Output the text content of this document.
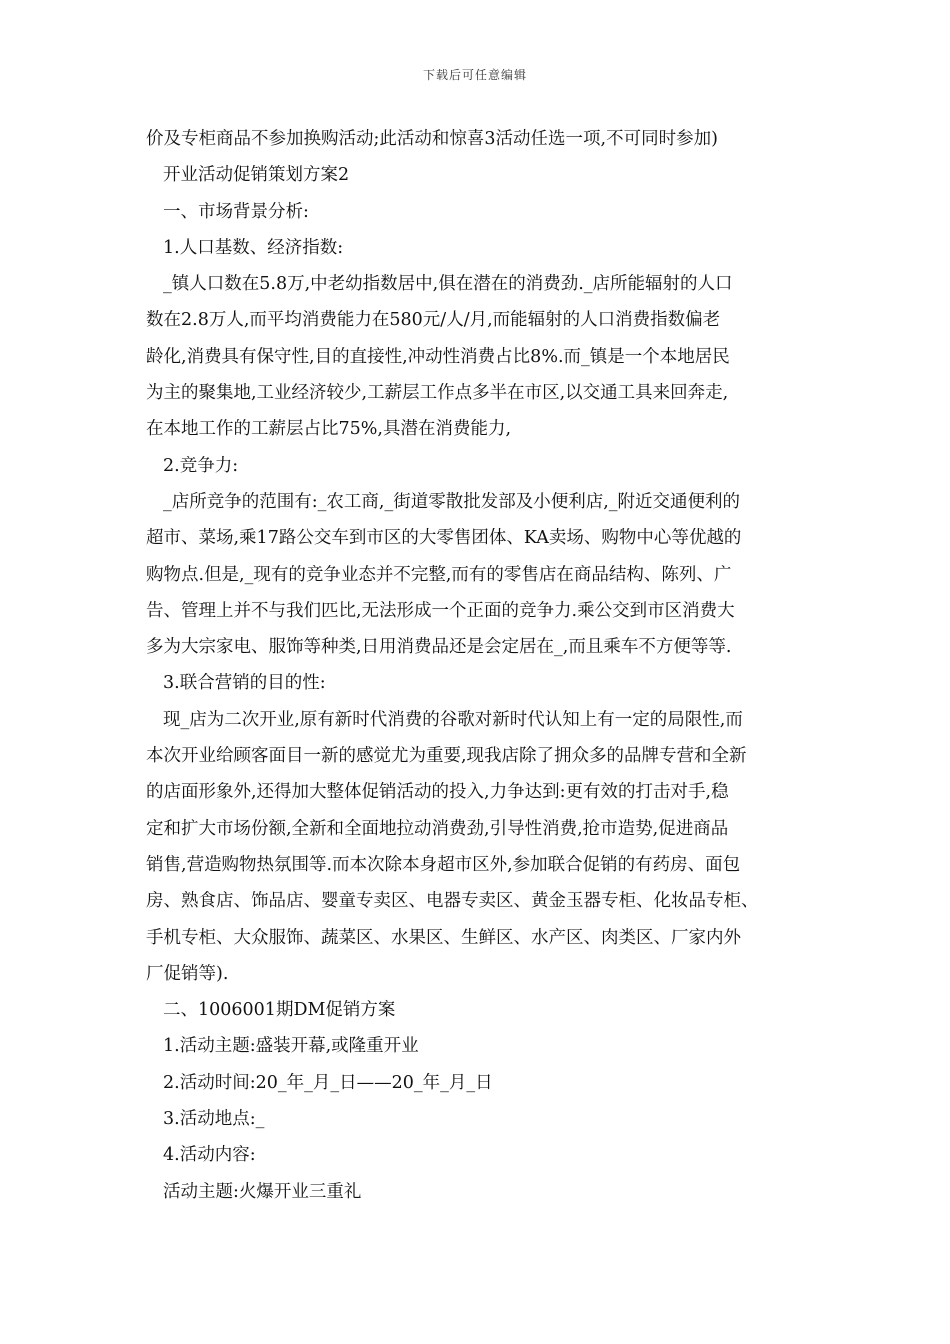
下载后可任意编辑

价及专柜商品不参加换购活动;此活动和惊喜3活动任选一项,不可同时参加)

开业活动促销策划方案2

一、市场背景分析:

1.人口基数、经济指数:

_镇人口数在5.8万,中老幼指数居中,俱在潜在的消费劲._店所能辐射的人口

数在2.8万人,而平均消费能力在580元/人/月,而能辐射的人口消费指数偏老

龄化,消费具有保守性,目的直接性,冲动性消费占比8%.而_镇是一个本地居民

为主的聚集地,工业经济较少,工薪层工作点多半在市区,以交通工具来回奔走,

在本地工作的工薪层占比75%,具潜在消费能力,

2.竞争力:

_店所竞争的范围有:_农工商,_街道零散批发部及小便利店,_附近交通便利的

超市、菜场,乘17路公交车到市区的大零售团体、KA卖场、购物中心等优越的

购物点.但是,_现有的竞争业态并不完整,而有的零售店在商品结构、陈列、广

告、管理上并不与我们匹比,无法形成一个正面的竞争力.乘公交到市区消费大

多为大宗家电、服饰等种类,日用消费品还是会定居在_,而且乘车不方便等等.

3.联合营销的目的性:

现_店为二次开业,原有新时代消费的谷歌对新时代认知上有一定的局限性,而

本次开业给顾客面目一新的感觉尤为重要,现我店除了拥众多的品牌专营和全新

的店面形象外,还得加大整体促销活动的投入,力争达到:更有效的打击对手,稳

定和扩大市场份额,全新和全面地拉动消费劲,引导性消费,抢市造势,促进商品

销售,营造购物热氛围等.而本次除本身超市区外,参加联合促销的有药房、面包

房、熟食店、饰品店、婴童专卖区、电器专卖区、黄金玉器专柜、化妆品专柜、

手机专柜、大众服饰、蔬菜区、水果区、生鲜区、水产区、肉类区、厂家内外

厂促销等).

二、1006001期DM促销方案

1.活动主题:盛装开幕,或隆重开业

2.活动时间:20_年_月_日——20_年_月_日

3.活动地点:_

4.活动内容:

活动主题:火爆开业三重礼
